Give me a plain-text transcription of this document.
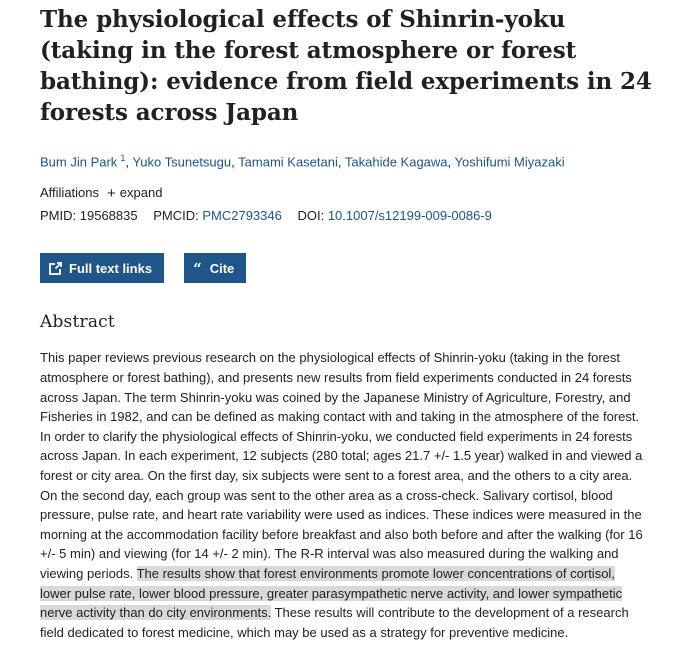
The physiological effects of Shinrin-yoku (taking in the forest atmosphere or forest bathing): evidence from field experiments in 24 forests across Japan
Bum Jin Park $^1$, Yuko Tsunetsugu, Tamami Kasetani, Takahide Kagawa, Yoshifumi Miyazaki
Affiliations + expand
PMID: 19568835 PMCID: PMC2793346 DOI: 10.1007/s12199-009-0086-9
Full text links	“ Cite
Abstract

This paper reviews previous research on the physiological effects of Shinrin-yoku (taking in the forest atmosphere or forest bathing), and presents new results from field experiments conducted in 24 forests across Japan. The term Shinrin-yoku was coined by the Japanese Ministry of Agriculture, Forestry, and Fisheries in 1982, and can be defined as making contact with and taking in the atmosphere of the forest. In order to clarify the physiological effects of Shinrin-yoku, we conducted field experiments in 24 forests across Japan. In each experiment, 12 subjects (280 total; ages 21.7 +/- 1.5 year) walked in and viewed a forest or city area. On the first day, six subjects were sent to a forest area, and the others to a city area. On the second day, each group was sent to the other area as a cross-check. Salivary cortisol, blood pressure, pulse rate, and heart rate variability were used as indices. These indices were measured in the morning at the accommodation facility before breakfast and also both before and after the walking (for 16 +/- 5 min) and viewing (for 14 +/- 2 min). The R-R interval was also measured during the walking and viewing periods. The results show that forest environments promote lower concentrations of cortisol, lower pulse rate, lower blood pressure, greater parasympathetic nerve activity, and lower sympathetic nerve activity than do city environments. These results will contribute to the development of a research field dedicated to forest medicine, which may be used as a strategy for preventive medicine.
